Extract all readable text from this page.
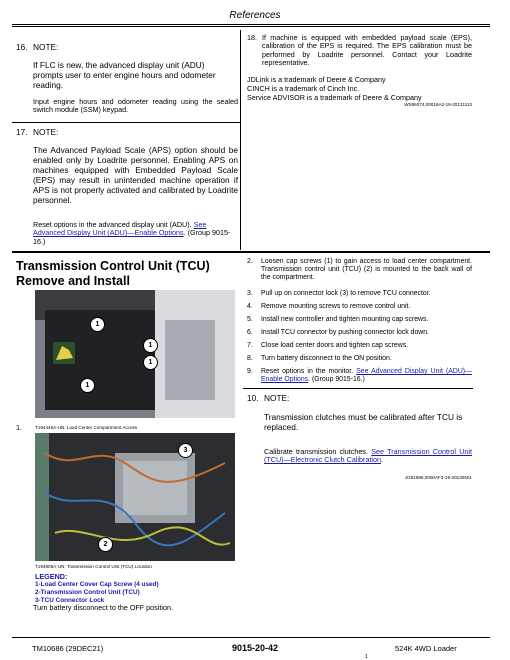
References
16. NOTE:
If FLC is new, the advanced display unit (ADU) prompts user to enter engine hours and odometer reading.
Input engine hours and odometer reading using the sealed switch module (SSM) keypad.
17. NOTE:
The Advanced Payload Scale (APS) option should be enabled only by Loadrite personnel. Enabling APS on machines equipped with Embedded Payload Scale (EPS) may result in unintended machine operation if APS is not properly activated and calibrated by Loadrite personnel.
Reset options in the advanced display unit (ADU). See Advanced Display Unit (ADU)—Enable Options. (Group 9015-16.)
18. If machine is equipped with embedded payload scale (EPS), calibration of the EPS is required. The EPS calibration must be performed by Loadrite personnel. Contact your Loadrite representative.
JDLink is a trademark of Deere & Company
CINCH is a trademark of Cinch Inc.
Service ADVISOR is a trademark of Deere & Company
WS66074,00016A2-19-20131113
Transmission Control Unit (TCU) Remove and Install
1.
1
1
1
1
T194445A-UN: Load Center Compartment Access
3
2
T194805A-UN: Transmission Control Unit (TCU) Location
LEGEND:
1-Load Center Cover Cap Screw (4 used)
2-Transmission Control Unit (TCU)
3-TCU Connector Lock
Turn battery disconnect to the OFF position.
2. Loosen cap screws (1) to gain access to load center compartment. Transmission control unit (TCU) (2) is mounted to the back wall of the compartment.
3. Pull up on connector lock (3) to remove TCU connector.
4. Remove mounting screws to remove control unit.
5. Install new controller and tighten mounting cap screws.
6. Install TCU connector by pushing connector lock down.
7. Close load center doors and tighten cap screws.
8. Turn battery disconnect to the ON position.
9. Reset options in the monitor. See Advanced Display Unit (ADU)—Enable Options. (Group 9015-16.)
10. NOTE:
Transmission clutches must be calibrated after TCU is replaced.
Calibrate transmission clutches. See Transmission Control Unit (TCU)—Electronic Clutch Calibration.
JG91986,0000AF3-19-20130601
TM10686 (29DEC21)	9015-20-42	524K 4WD Loader
1
